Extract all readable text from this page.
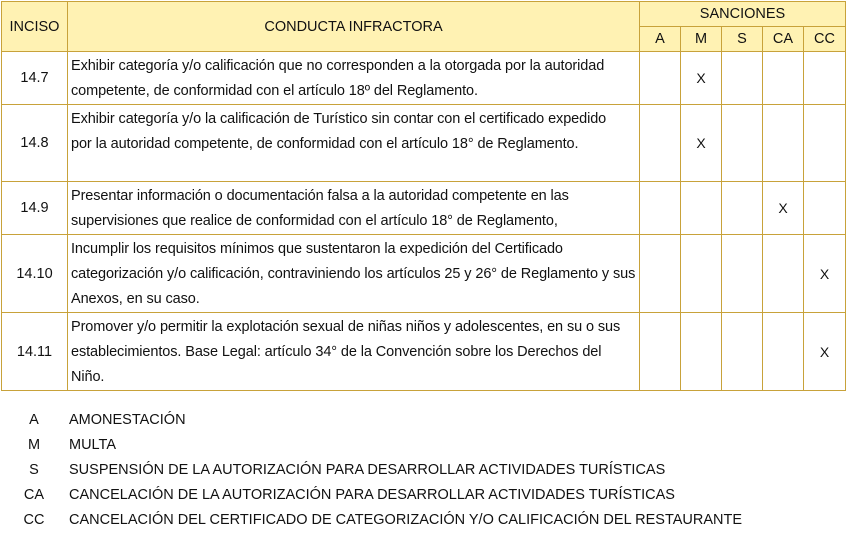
INCISO	CONDUCTA INFRACTORA	SANCIONES				
		A	M	S	CA	CC
14.7	Exhibir categoría y/o calificación que no corresponden a la otorgada por la autoridad
competente, de conformidad con el artículo 18º del Reglamento.		X			
14.8	Exhibir categoría y/o la calificación de Turístico sin contar con el certificado expedido
por la autoridad competente, de conformidad con el artículo 18° de Reglamento.		X			
14.9	Presentar información o documentación falsa a la autoridad competente en las
supervisiones que realice de conformidad con el artículo 18° de Reglamento,				X	
14.10	Incumplir los requisitos mínimos que sustentaron la expedición del Certificado
categorización y/o calificación, contraviniendo los artículos 25 y 26° de Reglamento y sus
Anexos, en su caso.					X
14.11	Promover y/o permitir la explotación sexual de niñas niños y adolescentes, en su o sus
establecimientos. Base Legal: artículo 34° de la Convención sobre los Derechos del
Niño.					X
A	AMONESTACIÓN
M	MULTA
S	SUSPENSIÓN DE LA AUTORIZACIÓN PARA DESARROLLAR ACTIVIDADES TURÍSTICAS
CA CANCELACIÓN DE LA AUTORIZACIÓN PARA DESARROLLAR ACTIVIDADES TURÍSTICAS
CC CANCELACIÓN DEL CERTIFICADO DE CATEGORIZACIÓN Y/O CALIFICACIÓN DEL RESTAURANTE
